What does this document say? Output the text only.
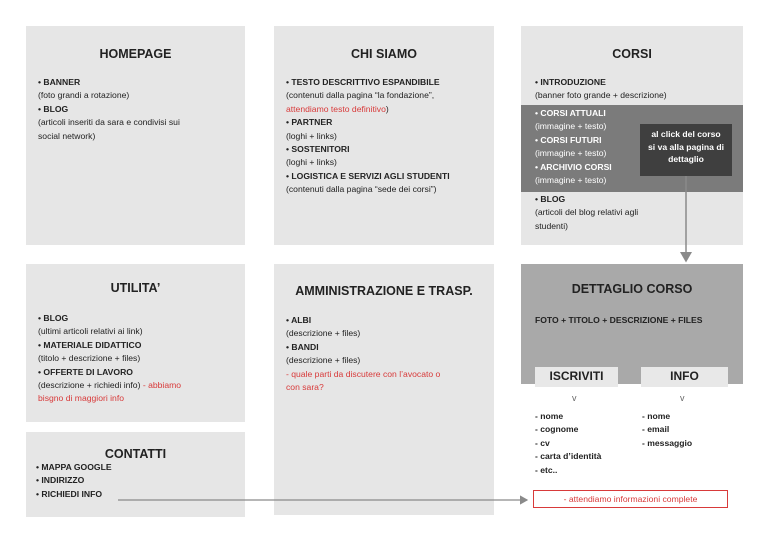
HOMEPAGE
• BANNER
(foto grandi a rotazione)
• BLOG
(articoli inseriti da sara e condivisi sui
social network)
CHI SIAMO
• TESTO DESCRITTIVO ESPANDIBILE
(contenuti dalla pagina “la fondazione”,
attendiamo testo definitivo)
• PARTNER
(loghi + links)
• SOSTENITORI
(loghi + links)
• LOGISTICA E SERVIZI AGLI STUDENTI
(contenuti dalla pagina “sede dei corsi”)
CORSI
• INTRODUZIONE
(banner foto grande + descrizione)
• CORSI ATTUALI
(immagine + testo)
• CORSI FUTURI
(immagine + testo)
• ARCHIVIO CORSI
(immagine + testo)
• BLOG
(articoli del blog relativi agli
studenti)
al click del corso
si va alla pagina di
dettaglio
UTILITA’
• BLOG
(ultimi articoli relativi ai link)
• MATERIALE DIDATTICO
(titolo + descrizione + files)
• OFFERTE DI LAVORO
(descrizione + richiedi info) - abbiamo
bisgno di maggiori info
AMMINISTRAZIONE E TRASP.
• ALBI
(descrizione + files)
• BANDI
(descrizione + files)
- quale parti da discutere con l’avocato o
con sara?
CONTATTI
• MAPPA GOOGLE
• INDIRIZZO
• RICHIEDI INFO
DETTAGLIO CORSO
FOTO + TITOLO + DESCRIZIONE + FILES
ISCRIVITI	INFO
v	v
- nome
- cognome
- cv
- carta d’identità
- etc..
- nome
- email
- messaggio
- attendiamo informazioni complete
